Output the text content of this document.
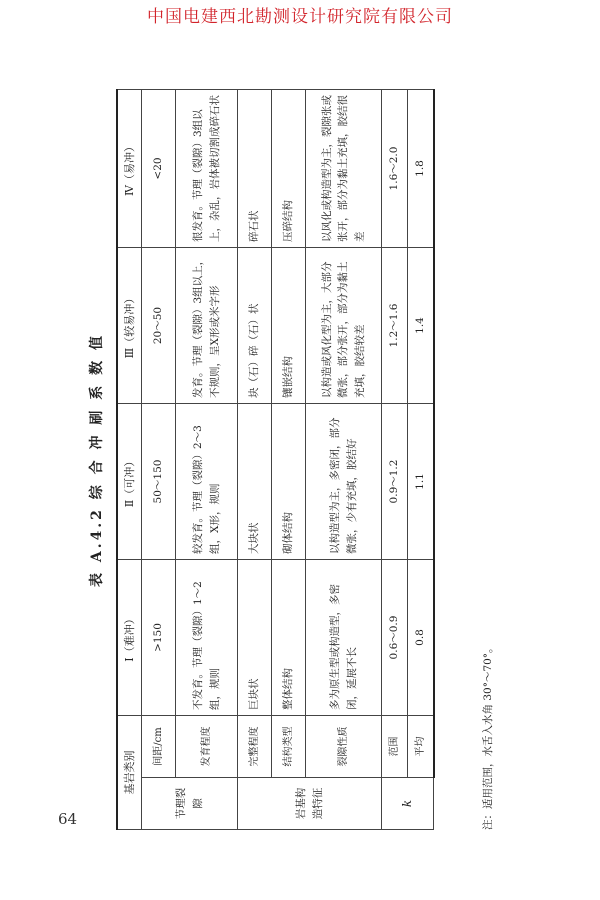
中国电建西北勘测设计研究院有限公司
表 A.4.2 综 合 冲 刷 系 数 值
基岩类别		Ⅰ（难冲）	Ⅱ（可冲）	Ⅲ（较易冲）	Ⅳ（易冲）
节理裂隙	间距/cm	>150	50～150	20～50	<20
	发育程度	不发育。节理（裂隙）1～2组，规则	较发育。节理（裂隙）2～3组，X形，规则	发育。节理（裂隙）3组以上，不规则，呈X形或米字形	很发育。节理（裂隙）3组以上，杂乱，岩体被切割成碎石状
岩基构造特征	完整程度	巨块状	大块状	块（石）碎（石）状	碎石状
	结构类型	整体结构	砌体结构	镶嵌结构	压碎结构
	裂隙性质	多为原生型或构造型，多密闭，延展不长	以构造型为主，多密闭，部分微张，少有充填，胶结好	以构造或风化型为主，大部分微张，部分张开，部分为黏土充填，胶结较差	以风化或构造型为主，裂隙张或张开，部分为黏土充填，胶结很差
k	范围	0.6～0.9	0.9～1.2	1.2～1.6	1.6～2.0
	平均	0.8	1.1	1.4	1.8
注：适用范围，水舌入水角 30°～70°。
64
